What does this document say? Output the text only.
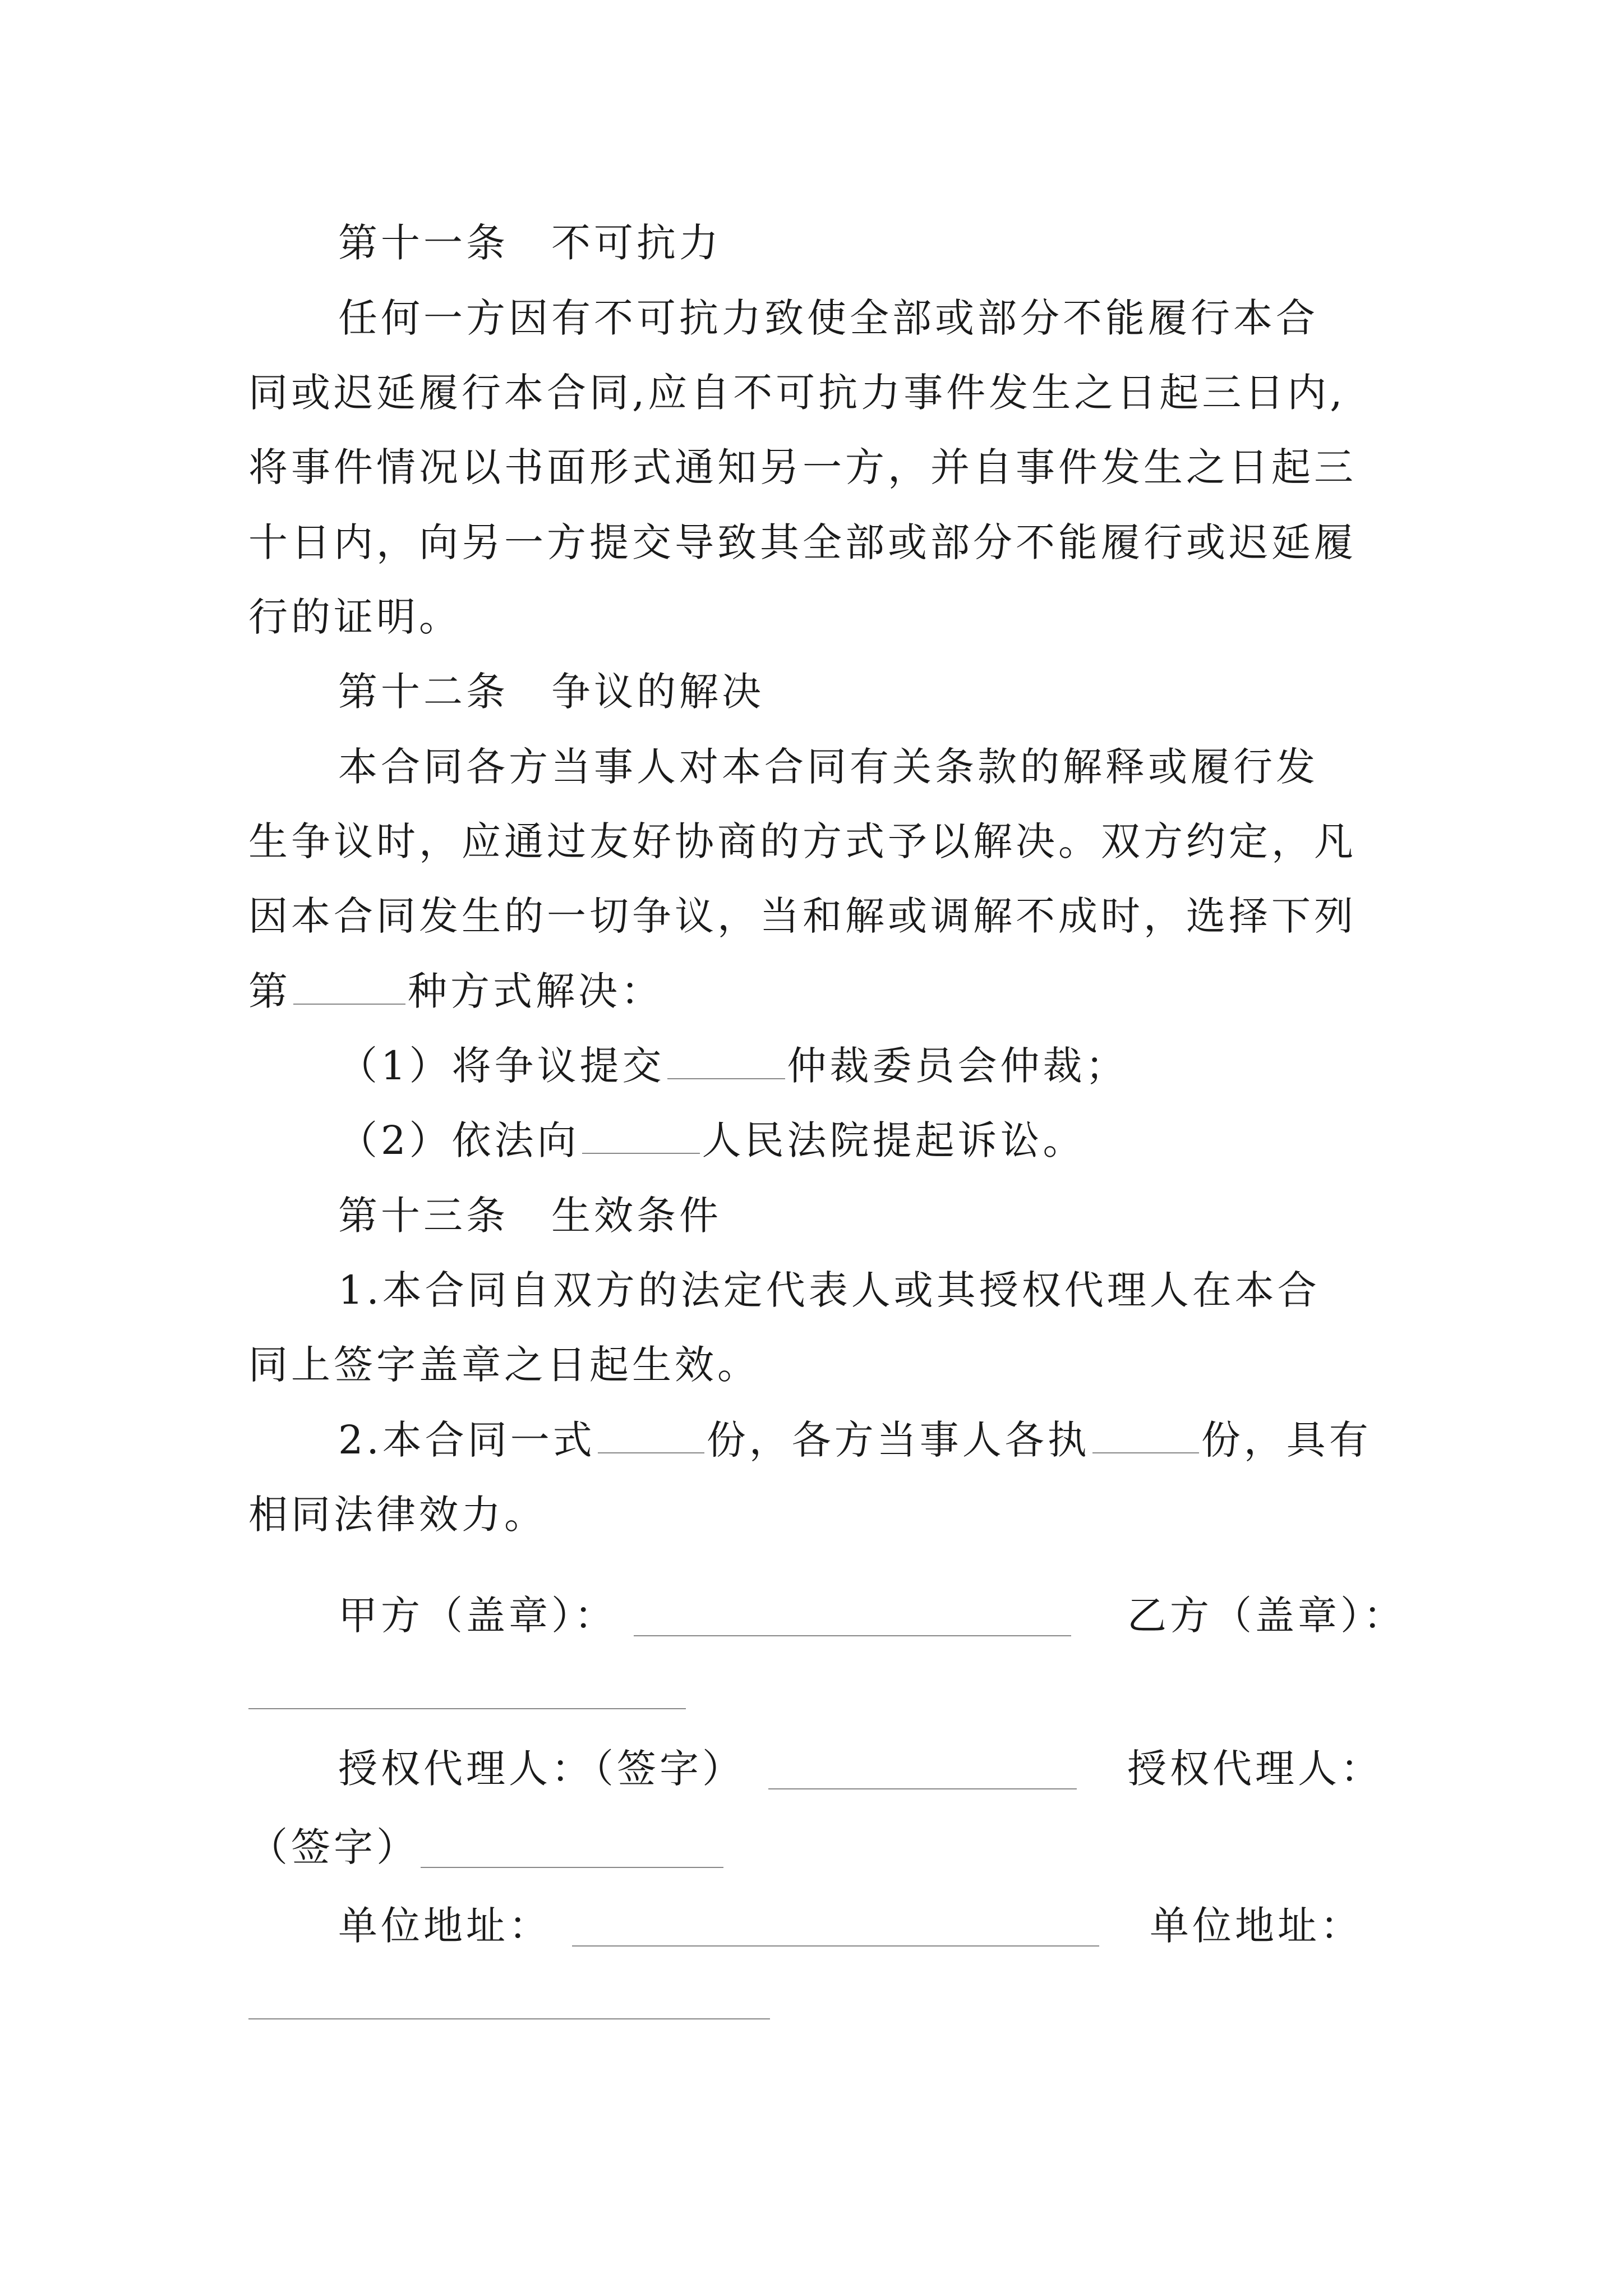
第十一条　不可抗力
任何一方因有不可抗力致使全部或部分不能履行本合
同或迟延履行本合同,应自不可抗力事件发生之日起三日内,
将事件情况以书面形式通知另一方，并自事件发生之日起三
十日内，向另一方提交导致其全部或部分不能履行或迟延履
行的证明。
第十二条　争议的解决
本合同各方当事人对本合同有关条款的解释或履行发
生争议时，应通过友好协商的方式予以解决。双方约定，凡
因本合同发生的一切争议，当和解或调解不成时，选择下列
第	种方式解决：
（1）将争议提交	仲裁委员会仲裁；
（2）依法向	人民法院提起诉讼。
第十三条　生效条件
1.本合同自双方的法定代表人或其授权代理人在本合
同上签字盖章之日起生效。
2.本合同一式	份，各方当事人各执	份，具有
相同法律效力。
甲方（盖章）：	乙方（盖章）：
授权代理人：（签字）	授权代理人：
（签字）
单位地址：	单位地址：
